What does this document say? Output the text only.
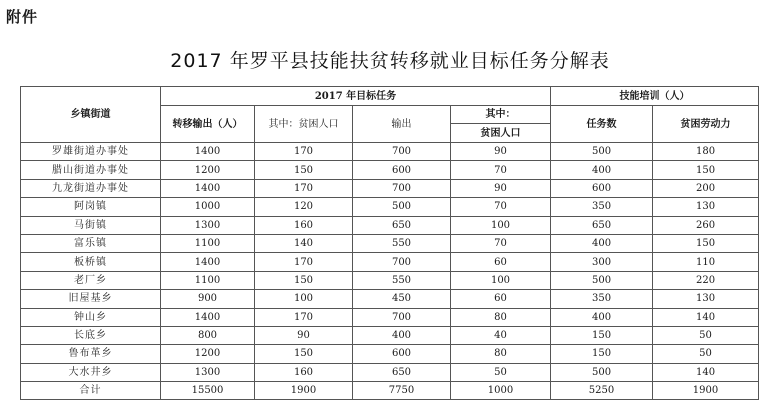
附件
2017 年罗平县技能扶贫转移就业目标任务分解表
乡镇街道	2017 年目标任务				技能培训（人）	
	转移输出（人）	其中：贫困人口	输出	其中：	任务数	贫困劳动力
				贫困人口		
罗雄街道办事处	1400	170	700	90	500	180
腊山街道办事处	1200	150	600	70	400	150
九龙街道办事处	1400	170	700	90	600	200
阿岗镇	1000	120	500	70	350	130
马街镇	1300	160	650	100	650	260
富乐镇	1100	140	550	70	400	150
板桥镇	1400	170	700	60	300	110
老厂乡	1100	150	550	100	500	220
旧屋基乡	900	100	450	60	350	130
钟山乡	1400	170	700	80	400	140
长底乡	800	90	400	40	150	50
鲁布革乡	1200	150	600	80	150	50
大水井乡	1300	160	650	50	500	140
合计	15500	1900	7750	1000	5250	1900
